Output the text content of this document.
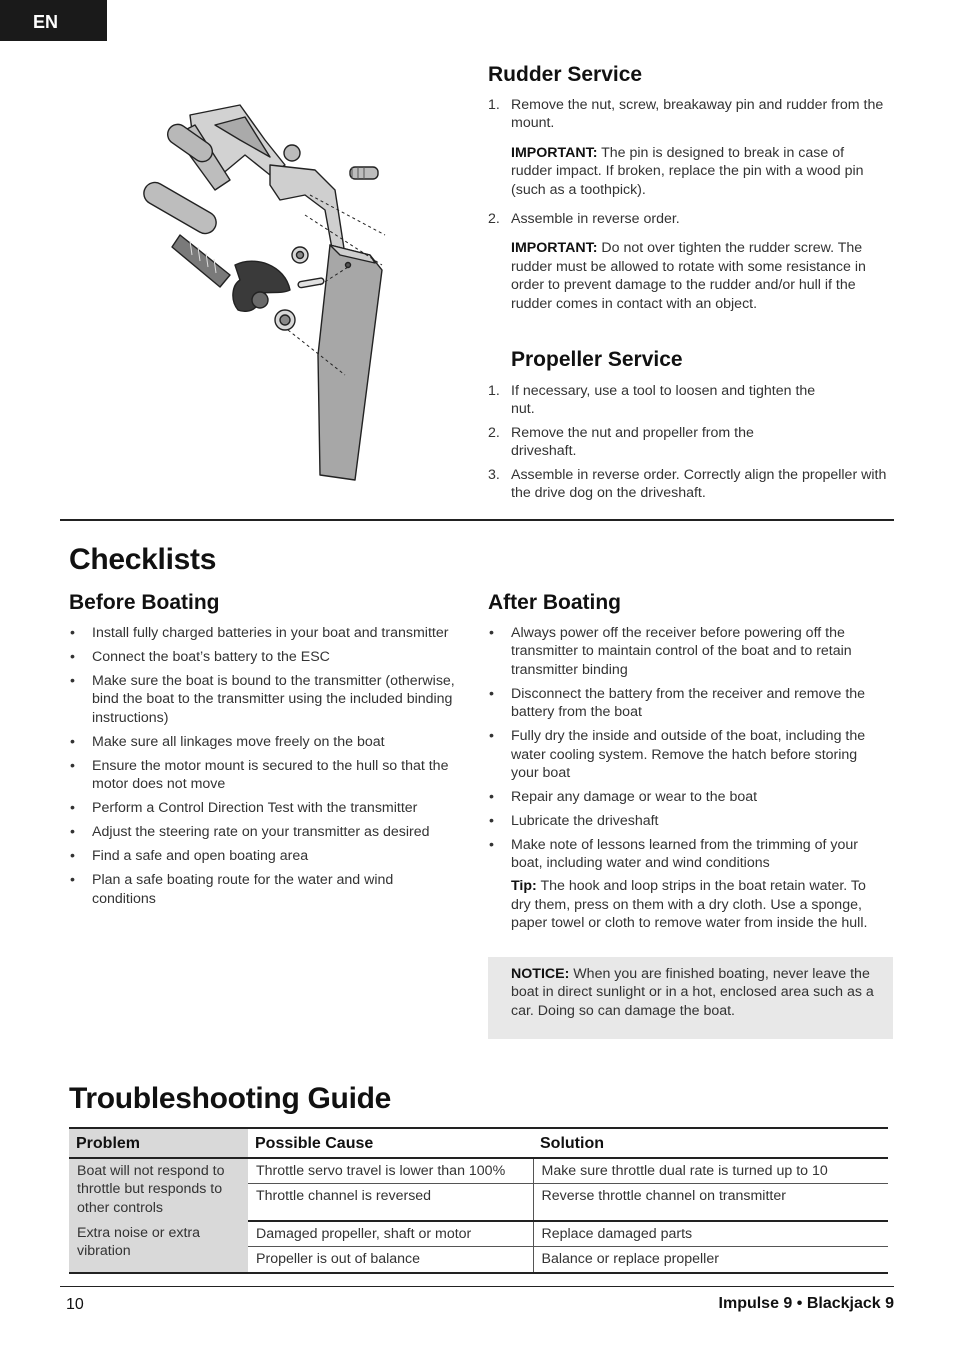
EN
Rudder Service
1. Remove the nut, screw, breakaway pin and rudder from the mount.
IMPORTANT: The pin is designed to break in case of rudder impact. If broken, replace the pin with a wood pin (such as a toothpick).
2. Assemble in reverse order.
IMPORTANT: Do not over tighten the rudder screw. The rudder must be allowed to rotate with some resistance in order to prevent damage to the rudder and/or hull if the rudder comes in contact with an object.
Propeller Service
1. If necessary, use a tool to loosen and tighten the nut.
2. Remove the nut and propeller from the driveshaft.
3. Assemble in reverse order. Correctly align the propeller with the drive dog on the driveshaft.
Checklists
Before Boating
• Install fully charged batteries in your boat and transmitter
• Connect the boat’s battery to the ESC
• Make sure the boat is bound to the transmitter (otherwise, bind the boat to the transmitter using the included binding instructions)
• Make sure all linkages move freely on the boat
• Ensure the motor mount is secured to the hull so that the motor does not move
• Perform a Control Direction Test with the transmitter
• Adjust the steering rate on your transmitter as desired
• Find a safe and open boating area
• Plan a safe boating route for the water and wind conditions
After Boating
• Always power off the receiver before powering off the transmitter to maintain control of the boat and to retain transmitter binding
• Disconnect the battery from the receiver and remove the battery from the boat
• Fully dry the inside and outside of the boat, including the water cooling system. Remove the hatch before storing your boat
• Repair any damage or wear to the boat
• Lubricate the driveshaft
• Make note of lessons learned from the trimming of your boat, including water and wind conditions
Tip: The hook and loop strips in the boat retain water. To dry them, press on them with a dry cloth. Use a sponge, paper towel or cloth to remove water from inside the hull.
NOTICE: When you are finished boating, never leave the boat in direct sunlight or in a hot, enclosed area such as a car. Doing so can damage the boat.
Troubleshooting Guide
Problem	Possible Cause	Solution
Boat will not respond to throttle but responds to other controls	Throttle servo travel is lower than 100%	Make sure throttle dual rate is turned up to 10
	Throttle channel is reversed	Reverse throttle channel on transmitter
Extra noise or extra vibration	Damaged propeller, shaft or motor	Replace damaged parts
	Propeller is out of balance	Balance or replace propeller
10	Impulse 9 • Blackjack 9
